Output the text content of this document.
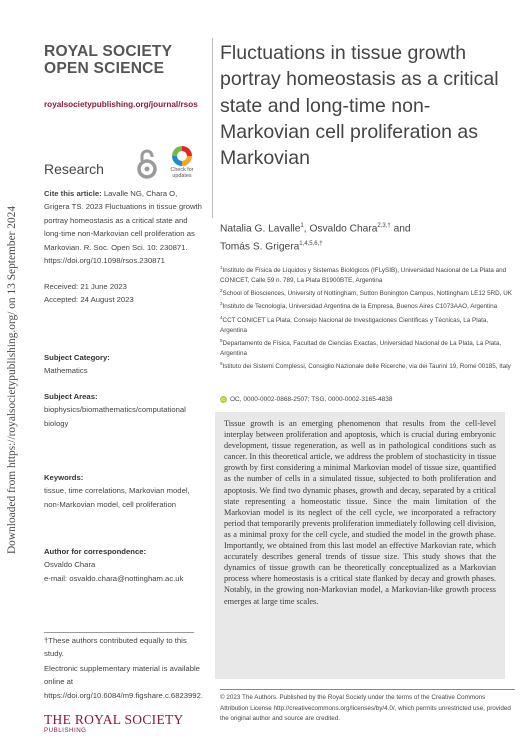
Downloaded from https://royalsocietypublishing.org/ on 13 September 2024
ROYAL SOCIETY
OPEN SCIENCE
royalsocietypublishing.org/journal/rsos
Research	Check for updates
Cite this article: Lavalle NG, Chara O, Grigera TS. 2023 Fluctuations in tissue growth portray homeostasis as a critical state and long-time non-Markovian cell proliferation as Markovian. R. Soc. Open Sci. 10: 230871. https://doi.org/10.1098/rsos.230871
Received: 21 June 2023
Accepted: 24 August 2023
Subject Category:
Mathematics
Subject Areas:
biophysics/biomathematics/computational biology
Keywords:
tissue, time correlations, Markovian model, non-Markovian model, cell proliferation
Author for correspondence:
Osvaldo Chara
e-mail: osvaldo.chara@nottingham.ac.uk
†These authors contributed equally to this study.
Electronic supplementary material is available online at https://doi.org/10.6084/m9.figshare.c.6823992.
THE ROYAL SOCIETY
PUBLISHING
Fluctuations in tissue growth portray homeostasis as a critical state and long-time non-Markovian cell proliferation as Markovian
Natalia G. Lavalle$^1$, Osvaldo Chara$^{2,3,\dagger}$ and
Tomás S. Grigera$^{1,4,5,6,\dagger}$
$^1$Instituto de Física de Líquidos y Sistemas Biológicos (IFLySIB), Universidad Nacional de La Plata and CONICET, Calle 59 n. 789, La Plata B1900BTE, Argentina
$^2$School of Biosciences, University of Nottingham, Sutton Bonington Campus, Nottingham LE12 5RD, UK
$^3$Instituto de Tecnología, Universidad Argentina de la Empresa, Buenos Aires C1073AAO, Argentina
$^4$CCT CONICET La Plata, Consejo Nacional de Investigaciones Científicas y Técnicas, La Plata, Argentina
$^5$Departamento de Física, Facultad de Ciencias Exactas, Universidad Nacional de La Plata, La Plata, Argentina
$^6$Istituto dei Sistemi Complessi, Consiglio Nazionale delle Ricerche, via dei Taurini 19, Rome 00185, Italy
iD OC, 0000-0002-0868-2507; TSG, 0000-0002-3165-4838
Tissue growth is an emerging phenomenon that results from the cell-level interplay between proliferation and apoptosis, which is crucial during embryonic development, tissue regeneration, as well as in pathological conditions such as cancer. In this theoretical article, we address the problem of stochasticity in tissue growth by first considering a minimal Markovian model of tissue size, quantified as the number of cells in a simulated tissue, subjected to both proliferation and apoptosis. We find two dynamic phases, growth and decay, separated by a critical state representing a homeostatic tissue. Since the main limitation of the Markovian model is its neglect of the cell cycle, we incorporated a refractory period that temporarily prevents proliferation immediately following cell division, as a minimal proxy for the cell cycle, and studied the model in the growth phase. Importantly, we obtained from this last model an effective Markovian rate, which accurately describes general trends of tissue size. This study shows that the dynamics of tissue growth can be theoretically conceptualized as a Markovian process where homeostasis is a critical state flanked by decay and growth phases. Notably, in the growing non-Markovian model, a Markovian-like growth process emerges at large time scales.
© 2023 The Authors. Published by the Royal Society under the terms of the Creative Commons Attribution License http://creativecommons.org/licenses/by/4.0/, which permits unrestricted use, provided the original author and source are credited.
